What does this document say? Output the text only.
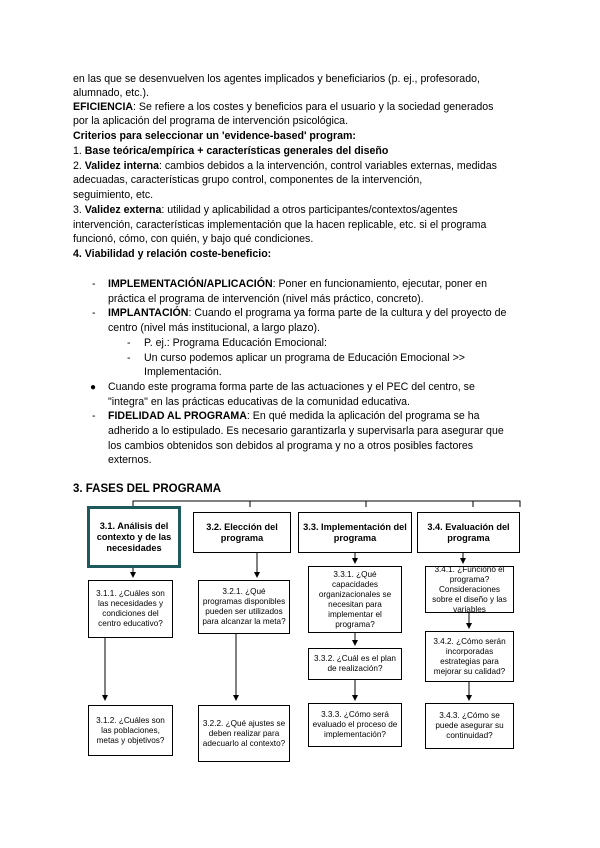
en las que se desenvuelven los agentes implicados y beneficiarios (p. ej., profesorado,
alumnado, etc.).
EFICIENCIA: Se refiere a los costes y beneficios para el usuario y la sociedad generados
por la aplicación del programa de intervención psicológica.
Criterios para seleccionar un 'evidence-based' program:
1. Base teórica/empírica + características generales del diseño
2. Validez interna: cambios debidos a la intervención, control variables externas, medidas
adecuadas, características grupo control, componentes de la intervención,
seguimiento, etc.
3. Validez externa: utilidad y aplicabilidad a otros participantes/contextos/agentes
intervención, características implementación que la hacen replicable, etc. si el programa
funcionó, cómo, con quién, y bajo qué condiciones.
4. Viabilidad y relación coste-beneficio:
- IMPLEMENTACIÓN/APLICACIÓN: Poner en funcionamiento, ejecutar, poner en
práctica el programa de intervención (nivel más práctico, concreto).
- IMPLANTACIÓN: Cuando el programa ya forma parte de la cultura y del proyecto de
centro (nivel más institucional, a largo plazo).
- P. ej.: Programa Educación Emocional:
- Un curso podemos aplicar un programa de Educación Emocional >>
Implementación.
● Cuando este programa forma parte de las actuaciones y el PEC del centro, se
"integra" en las prácticas educativas de la comunidad educativa.
- FIDELIDAD AL PROGRAMA: En qué medida la aplicación del programa se ha
adherido a lo estipulado. Es necesario garantizarla y supervisarla para asegurar que
los cambios obtenidos son debidos al programa y no a otros posibles factores
externos.
3. FASES DEL PROGRAMA
3.1. Análisis del contexto y de las necesidades
3.2. Elección del programa
3.3. Implementación del programa
3.4. Evaluación del programa
3.1.1. ¿Cuáles son las necesidades y condiciones del centro educativo?
3.1.2. ¿Cuáles son las poblaciones, metas y objetivos?
3.2.1. ¿Qué programas disponibles pueden ser utilizados para alcanzar la meta?
3.2.2. ¿Qué ajustes se deben realizar para adecuarlo al contexto?
3.3.1. ¿Qué capacidades organizacionales se necesitan para implementar el programa?
3.3.2. ¿Cuál es el plan de realización?
3.3.3. ¿Cómo será evaluado el proceso de implementación?
3.4.1. ¿Funcionó el programa? Consideraciones sobre el diseño y las variables
3.4.2. ¿Cómo serán incorporadas estrategias para mejorar su calidad?
3.4.3. ¿Cómo se puede asegurar su continuidad?
